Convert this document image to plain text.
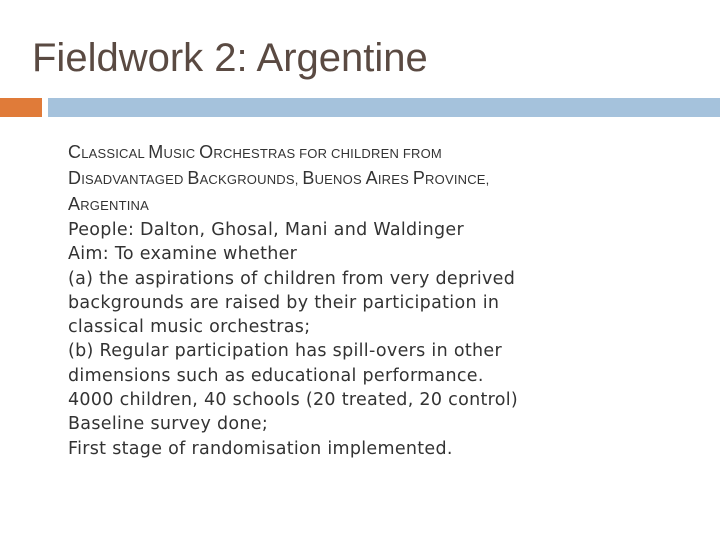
Fieldwork 2: Argentine
CLASSICAL MUSIC ORCHESTRAS FOR CHILDREN FROM
DISADVANTAGED BACKGROUNDS, BUENOS AIRES PROVINCE,
ARGENTINA
People: Dalton, Ghosal, Mani and Waldinger
Aim: To examine whether
(a) the aspirations of children from very deprived
backgrounds are raised by their participation in
classical music orchestras;
(b) Regular participation has spill-overs in other
dimensions such as educational performance.
4000 children, 40 schools (20 treated, 20 control)
Baseline survey done;
First stage of randomisation implemented.
